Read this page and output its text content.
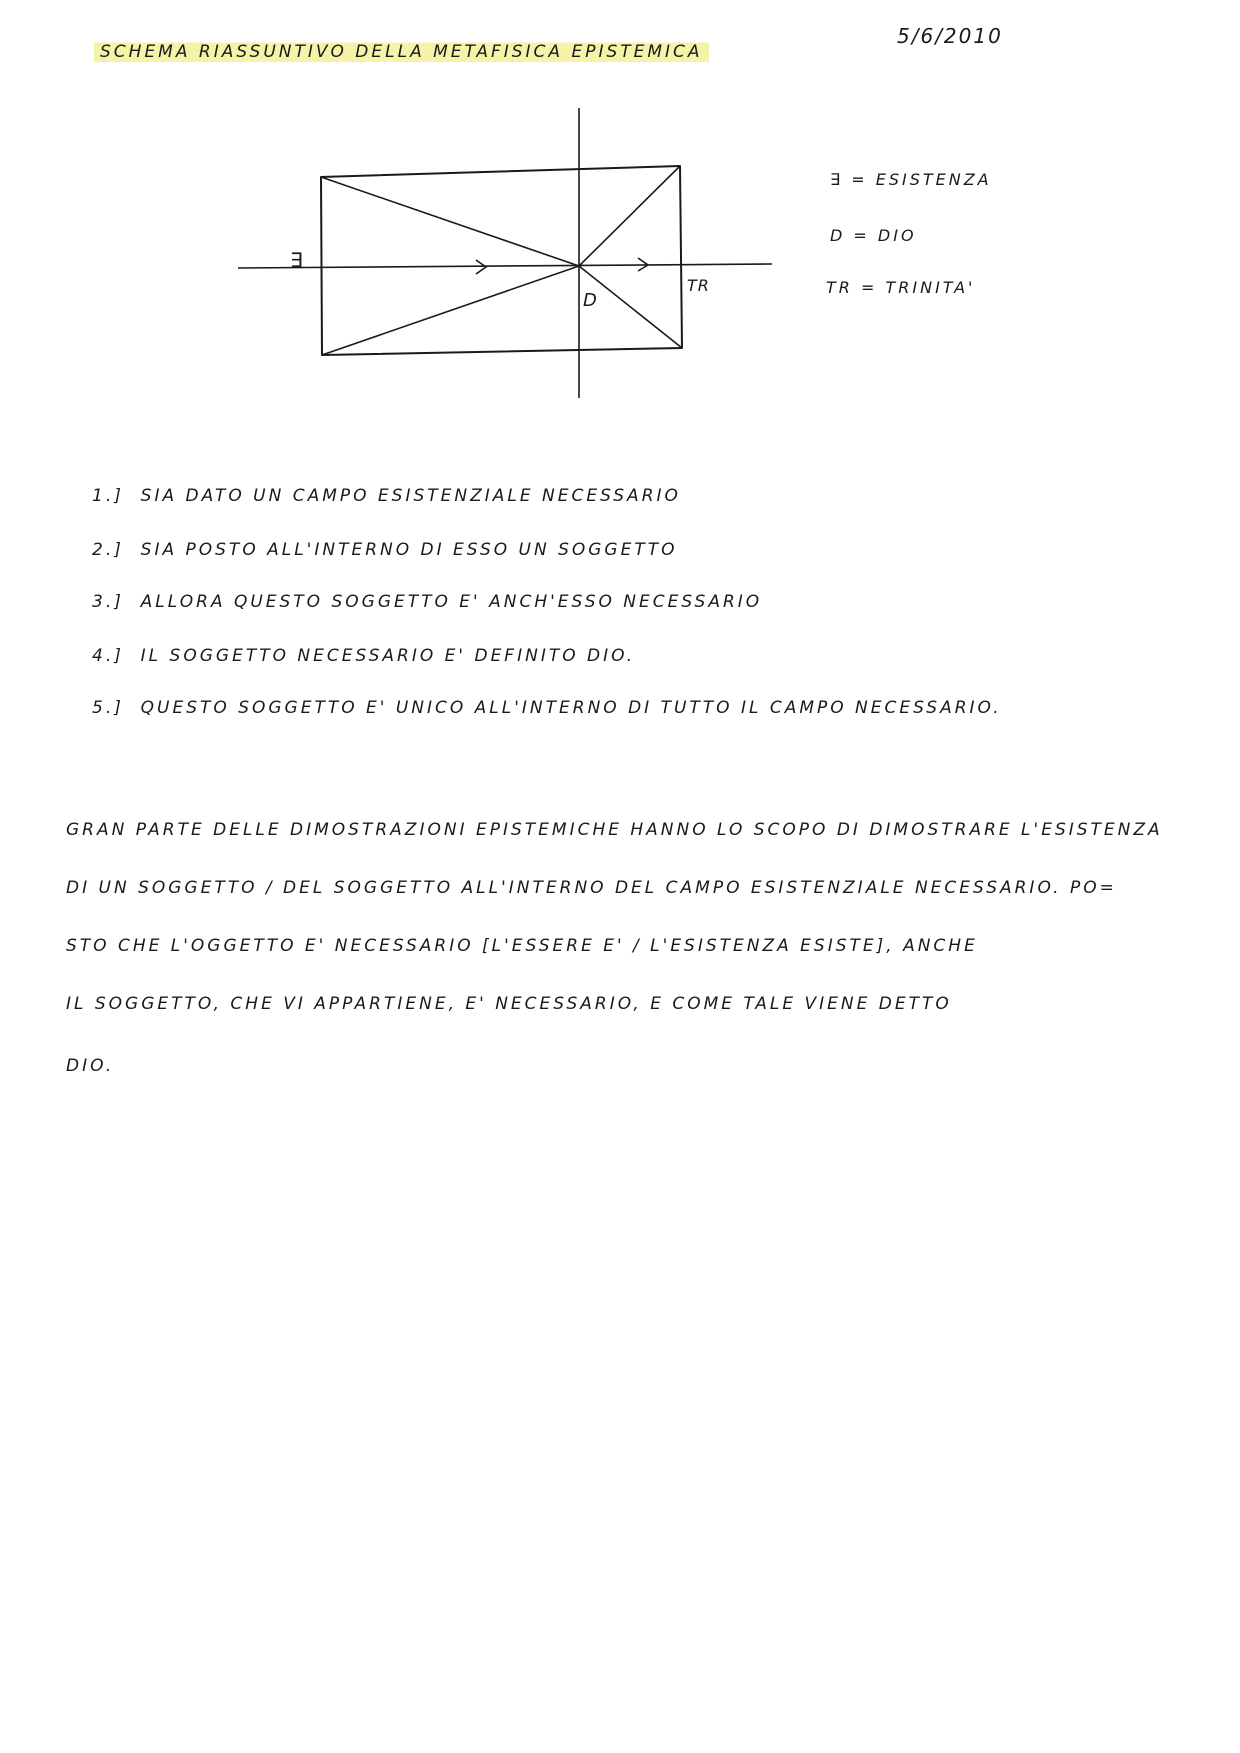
SCHEMA RIASSUNTIVO DELLA METAFISICA EPISTEMICA
5/6/2010
∃
D
TR
∃ = ESISTENZA
D = DIO
TR = TRINITA'
1.] SIA DATO UN CAMPO ESISTENZIALE NECESSARIO
2.] SIA POSTO ALL'INTERNO DI ESSO UN SOGGETTO
3.] ALLORA QUESTO SOGGETTO E' ANCH'ESSO NECESSARIO
4.] IL SOGGETTO NECESSARIO E' DEFINITO DIO.
5.] QUESTO SOGGETTO E' UNICO ALL'INTERNO DI TUTTO IL CAMPO NECESSARIO.
GRAN PARTE DELLE DIMOSTRAZIONI EPISTEMICHE HANNO LO SCOPO DI DIMOSTRARE L'ESISTENZA
DI UN SOGGETTO / DEL SOGGETTO ALL'INTERNO DEL CAMPO ESISTENZIALE NECESSARIO. PO=
STO CHE L'OGGETTO E' NECESSARIO [L'ESSERE E' / L'ESISTENZA ESISTE], ANCHE
IL SOGGETTO, CHE VI APPARTIENE, E' NECESSARIO, E COME TALE VIENE DETTO
DIO.
